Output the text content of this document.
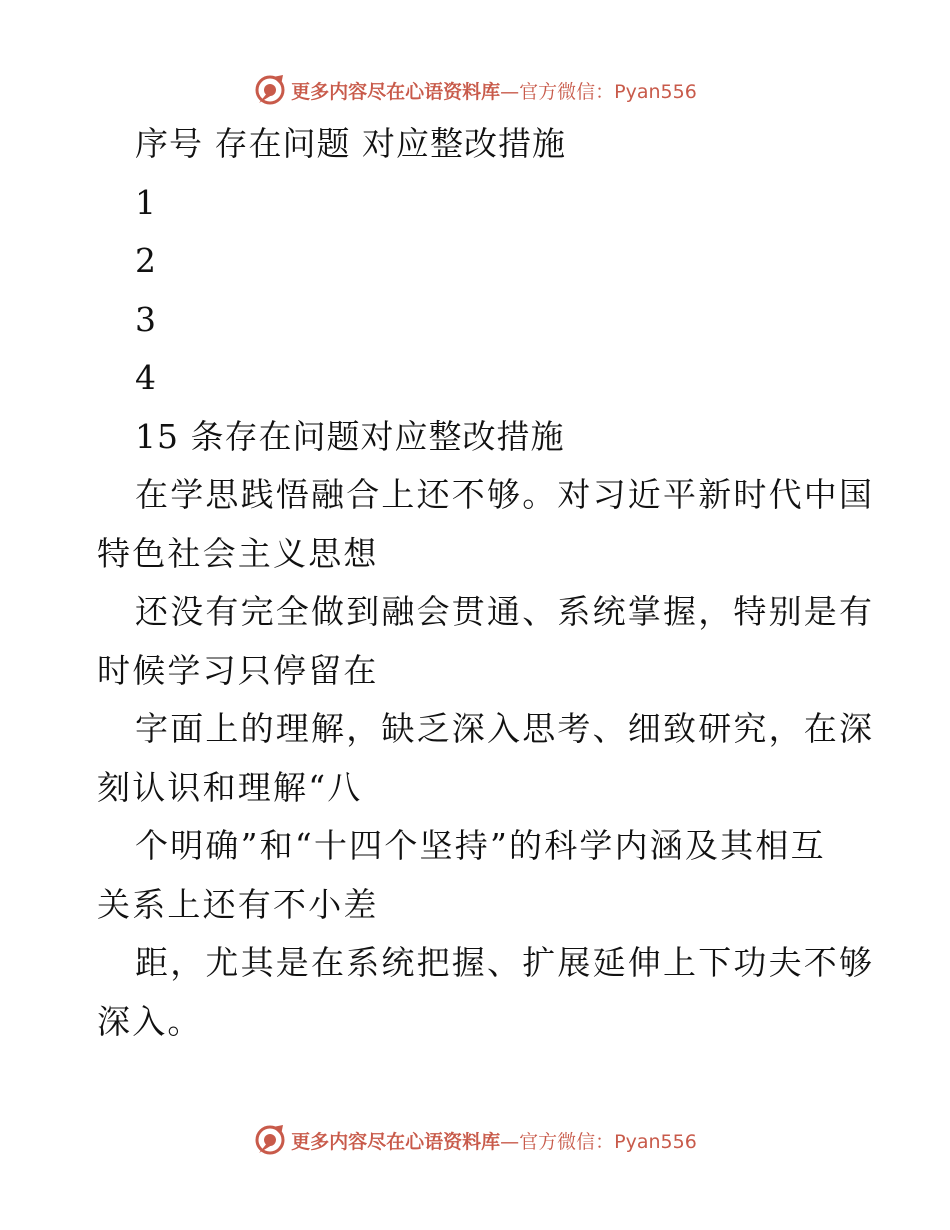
更多内容尽在心语资料库 —官方微信：Pyan556
序号 存在问题 对应整改措施
1
2
3
4
15 条存在问题对应整改措施
在学思践悟融合上还不够。对习近平新时代中国
特色社会主义思想
还没有完全做到融会贯通、系统掌握，特别是有
时候学习只停留在
字面上的理解，缺乏深入思考、细致研究，在深
刻认识和理解“八
个明确”和“十四个坚持”的科学内涵及其相互
关系上还有不小差
距，尤其是在系统把握、扩展延伸上下功夫不够
深入。
更多内容尽在心语资料库 —官方微信：Pyan556
